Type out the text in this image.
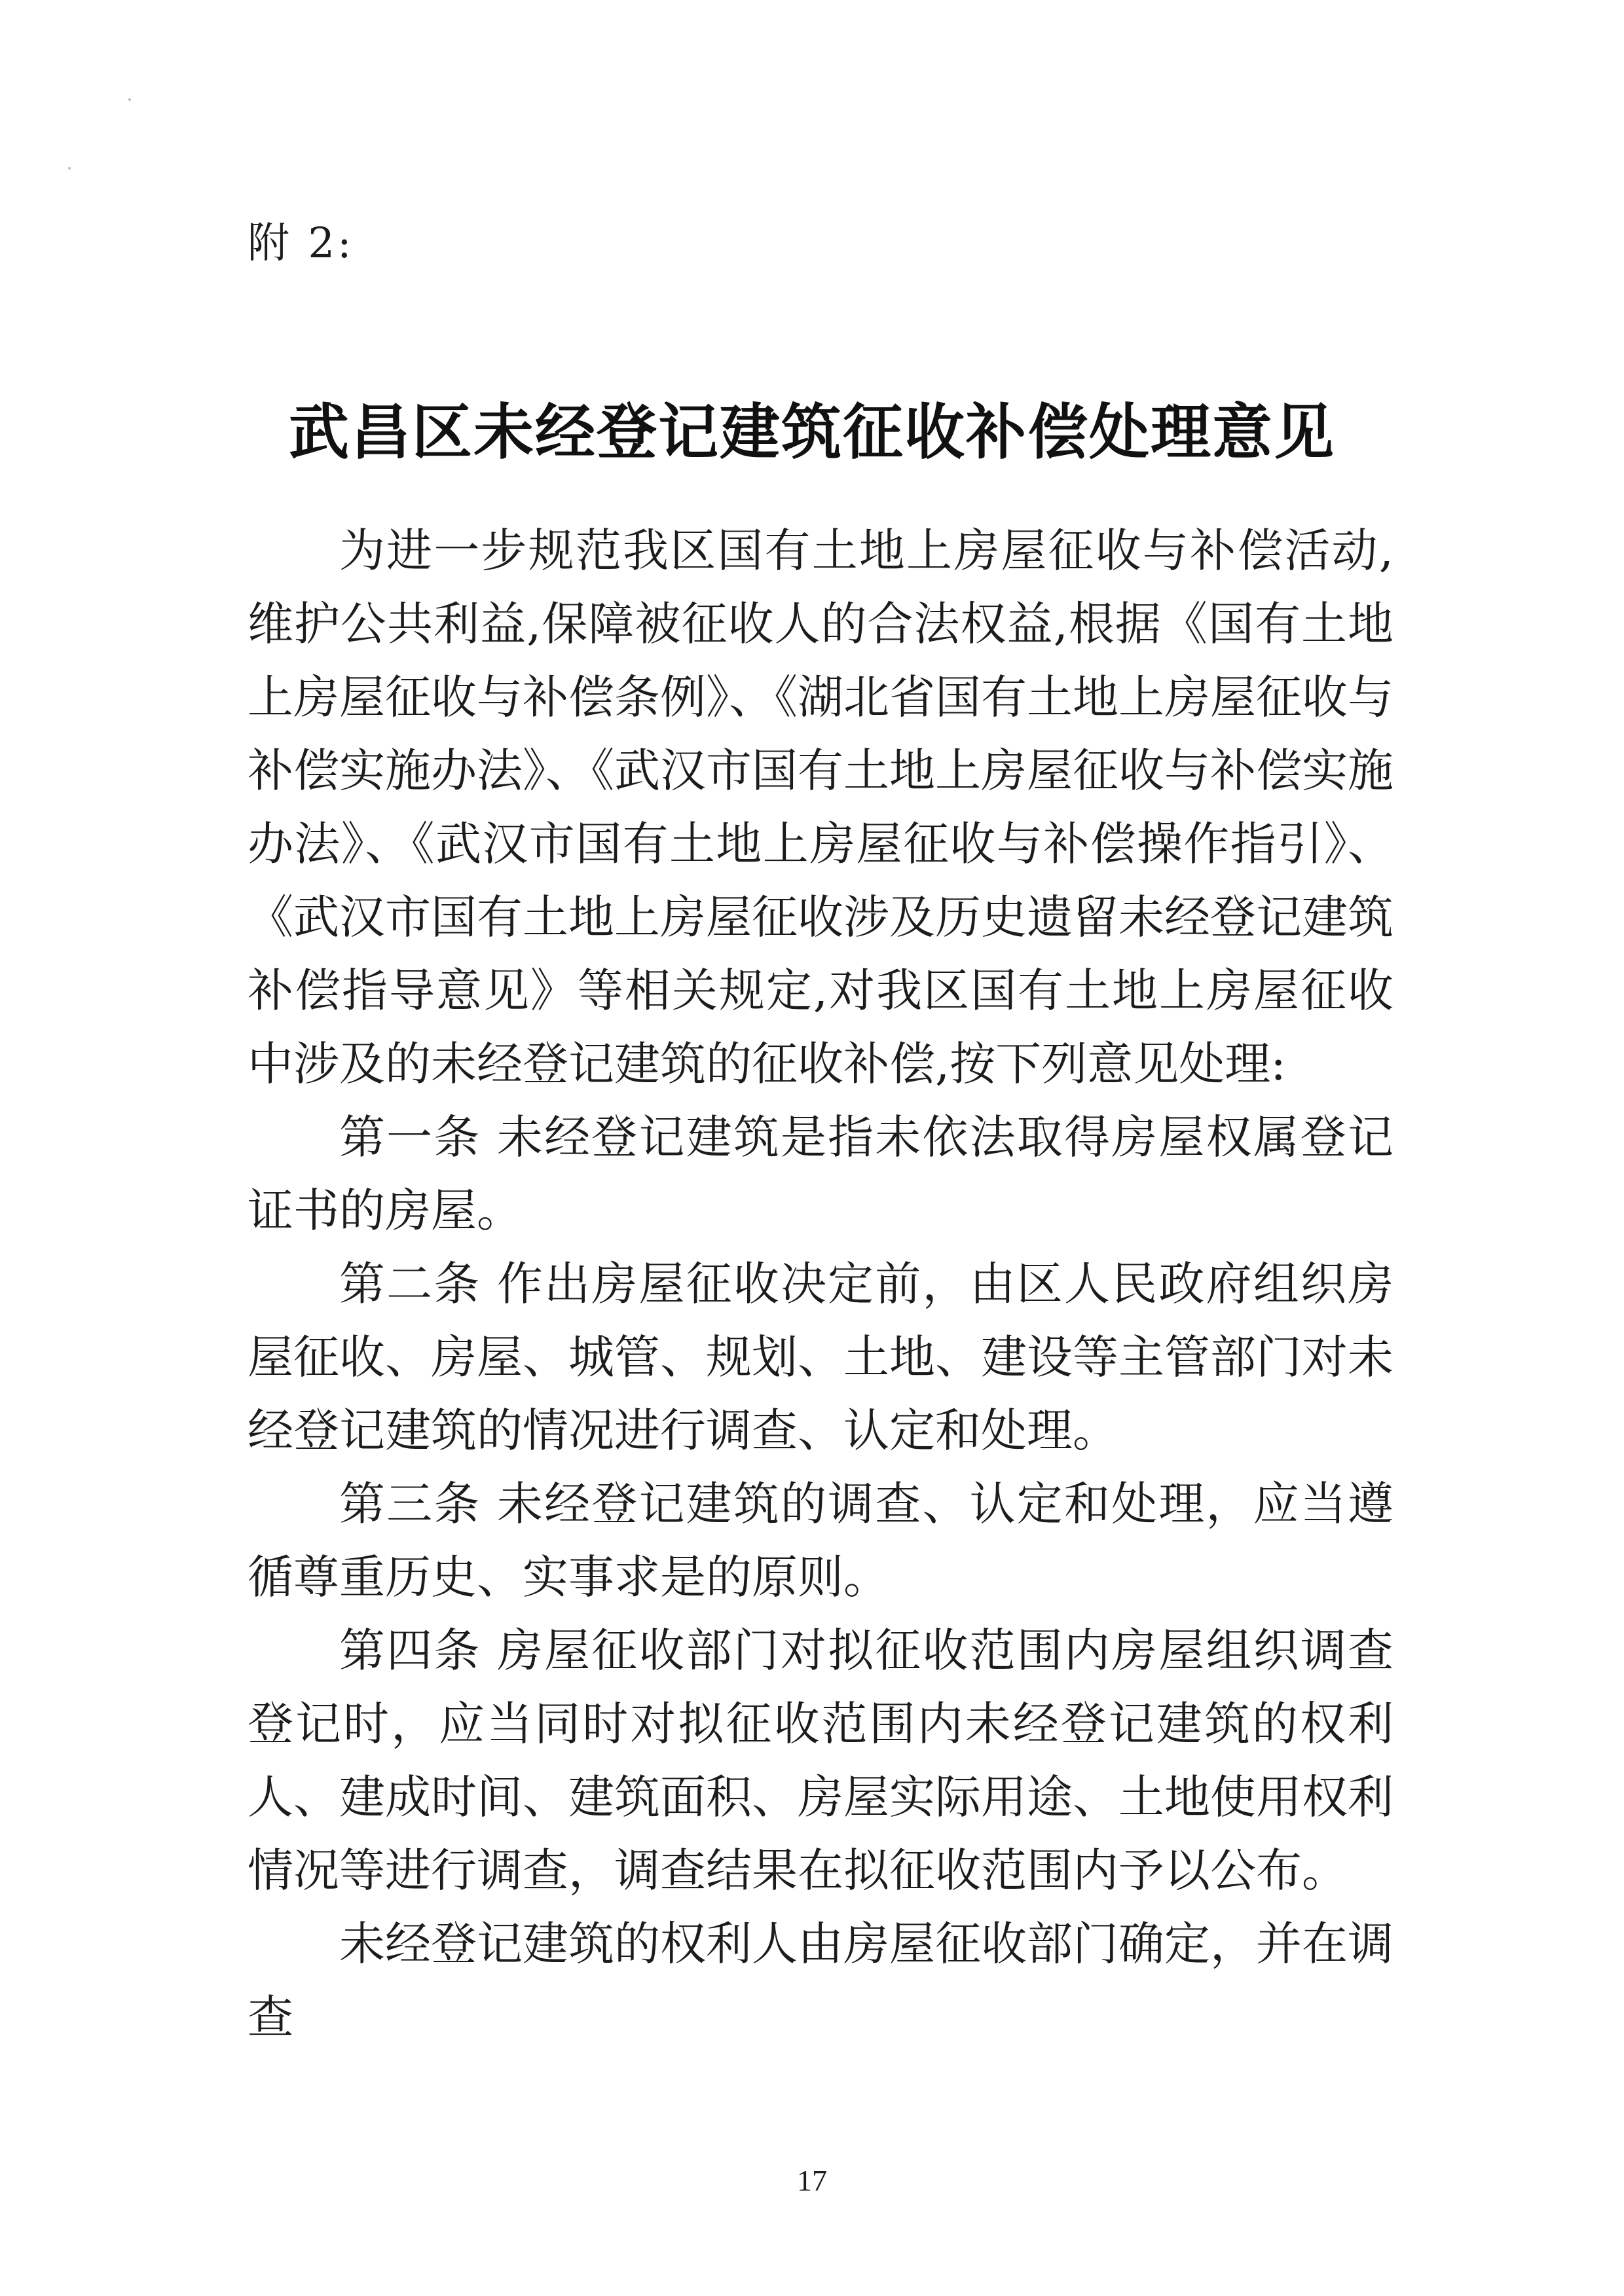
附 2:
武昌区未经登记建筑征收补偿处理意见

为进一步规范我区国有土地上房屋征收与补偿活动,维护公共利益,保障被征收人的合法权益,根据《国有土地上房屋征收与补偿条例》、《湖北省国有土地上房屋征收与补偿实施办法》、《武汉市国有土地上房屋征收与补偿实施办法》、《武汉市国有土地上房屋征收与补偿操作指引》、《武汉市国有土地上房屋征收涉及历史遗留未经登记建筑补偿指导意见》等相关规定,对我区国有土地上房屋征收中涉及的未经登记建筑的征收补偿,按下列意见处理:

第一条 未经登记建筑是指未依法取得房屋权属登记证书的房屋。

第二条 作出房屋征收决定前，由区人民政府组织房屋征收、房屋、城管、规划、土地、建设等主管部门对未经登记建筑的情况进行调查、认定和处理。

第三条 未经登记建筑的调查、认定和处理，应当遵循尊重历史、实事求是的原则。

第四条 房屋征收部门对拟征收范围内房屋组织调查登记时，应当同时对拟征收范围内未经登记建筑的权利人、建成时间、建筑面积、房屋实际用途、土地使用权利情况等进行调查，调查结果在拟征收范围内予以公布。

未经登记建筑的权利人由房屋征收部门确定，并在调查

17
